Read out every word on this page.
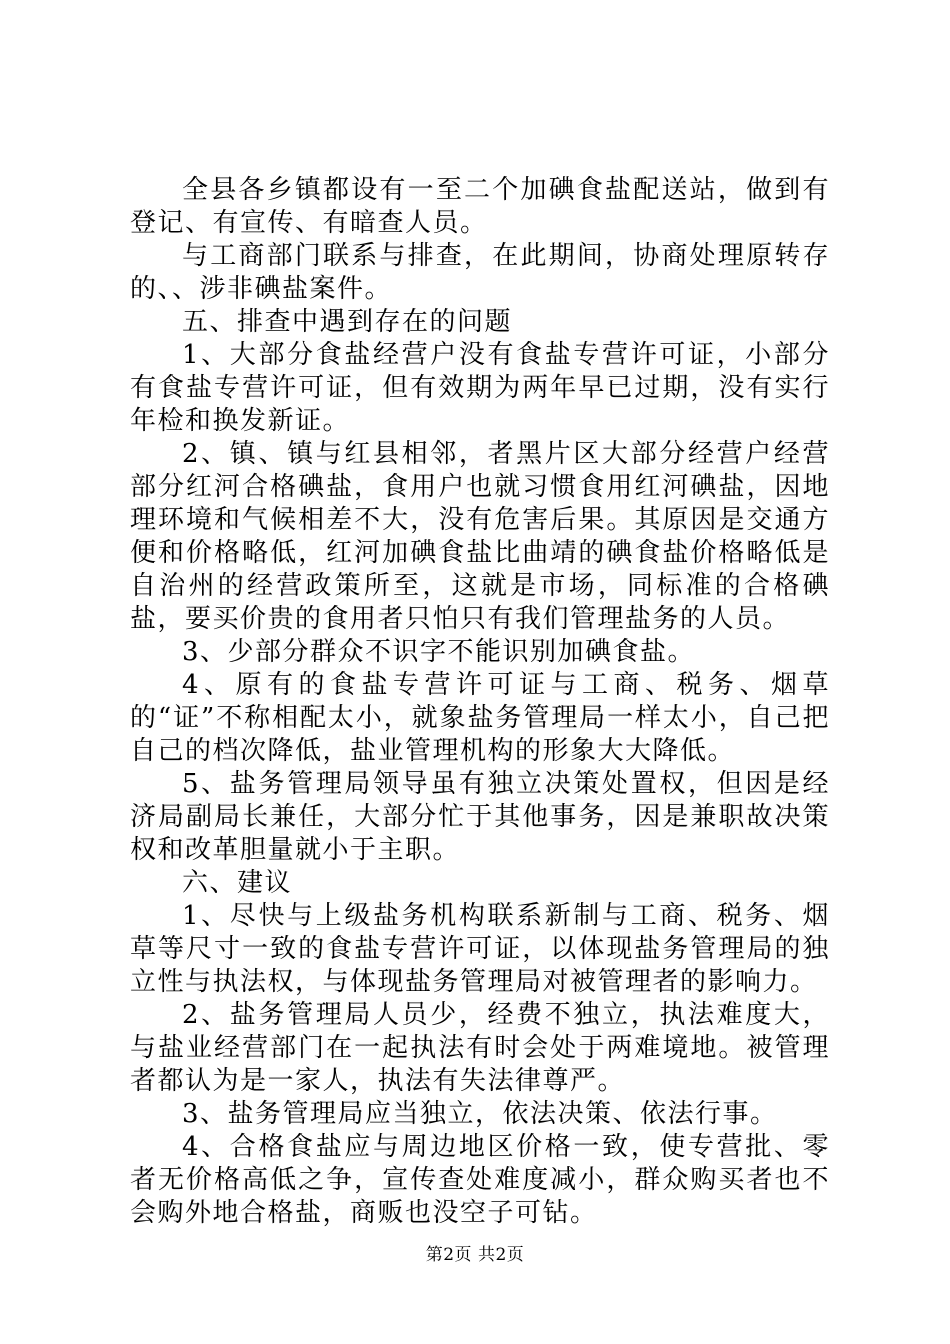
全县各乡镇都设有一至二个加碘食盐配送站，做到有登记、有宣传、有暗查人员。

与工商部门联系与排查，在此期间，协商处理原转存的、、涉非碘盐案件。

五、排查中遇到存在的问题

1、大部分食盐经营户没有食盐专营许可证，小部分有食盐专营许可证，但有效期为两年早已过期，没有实行年检和换发新证。

2、镇、镇与红县相邻，者黑片区大部分经营户经营部分红河合格碘盐，食用户也就习惯食用红河碘盐，因地理环境和气候相差不大，没有危害后果。其原因是交通方便和价格略低，红河加碘食盐比曲靖的碘食盐价格略低是自治州的经营政策所至，这就是市场，同标准的合格碘盐，要买价贵的食用者只怕只有我们管理盐务的人员。

3、少部分群众不识字不能识别加碘食盐。

4、原有的食盐专营许可证与工商、税务、烟草的“证”不称相配太小，就象盐务管理局一样太小，自己把自己的档次降低，盐业管理机构的形象大大降低。

5、盐务管理局领导虽有独立决策处置权，但因是经济局副局长兼任，大部分忙于其他事务，因是兼职故决策权和改革胆量就小于主职。

六、建议

1、尽快与上级盐务机构联系新制与工商、税务、烟草等尺寸一致的食盐专营许可证，以体现盐务管理局的独立性与执法权，与体现盐务管理局对被管理者的影响力。

2、盐务管理局人员少，经费不独立，执法难度大，与盐业经营部门在一起执法有时会处于两难境地。被管理者都认为是一家人，执法有失法律尊严。

3、盐务管理局应当独立，依法决策、依法行事。

4、合格食盐应与周边地区价格一致，使专营批、零者无价格高低之争，宣传查处难度减小，群众购买者也不会购外地合格盐，商贩也没空子可钻。

第2页 共2页
